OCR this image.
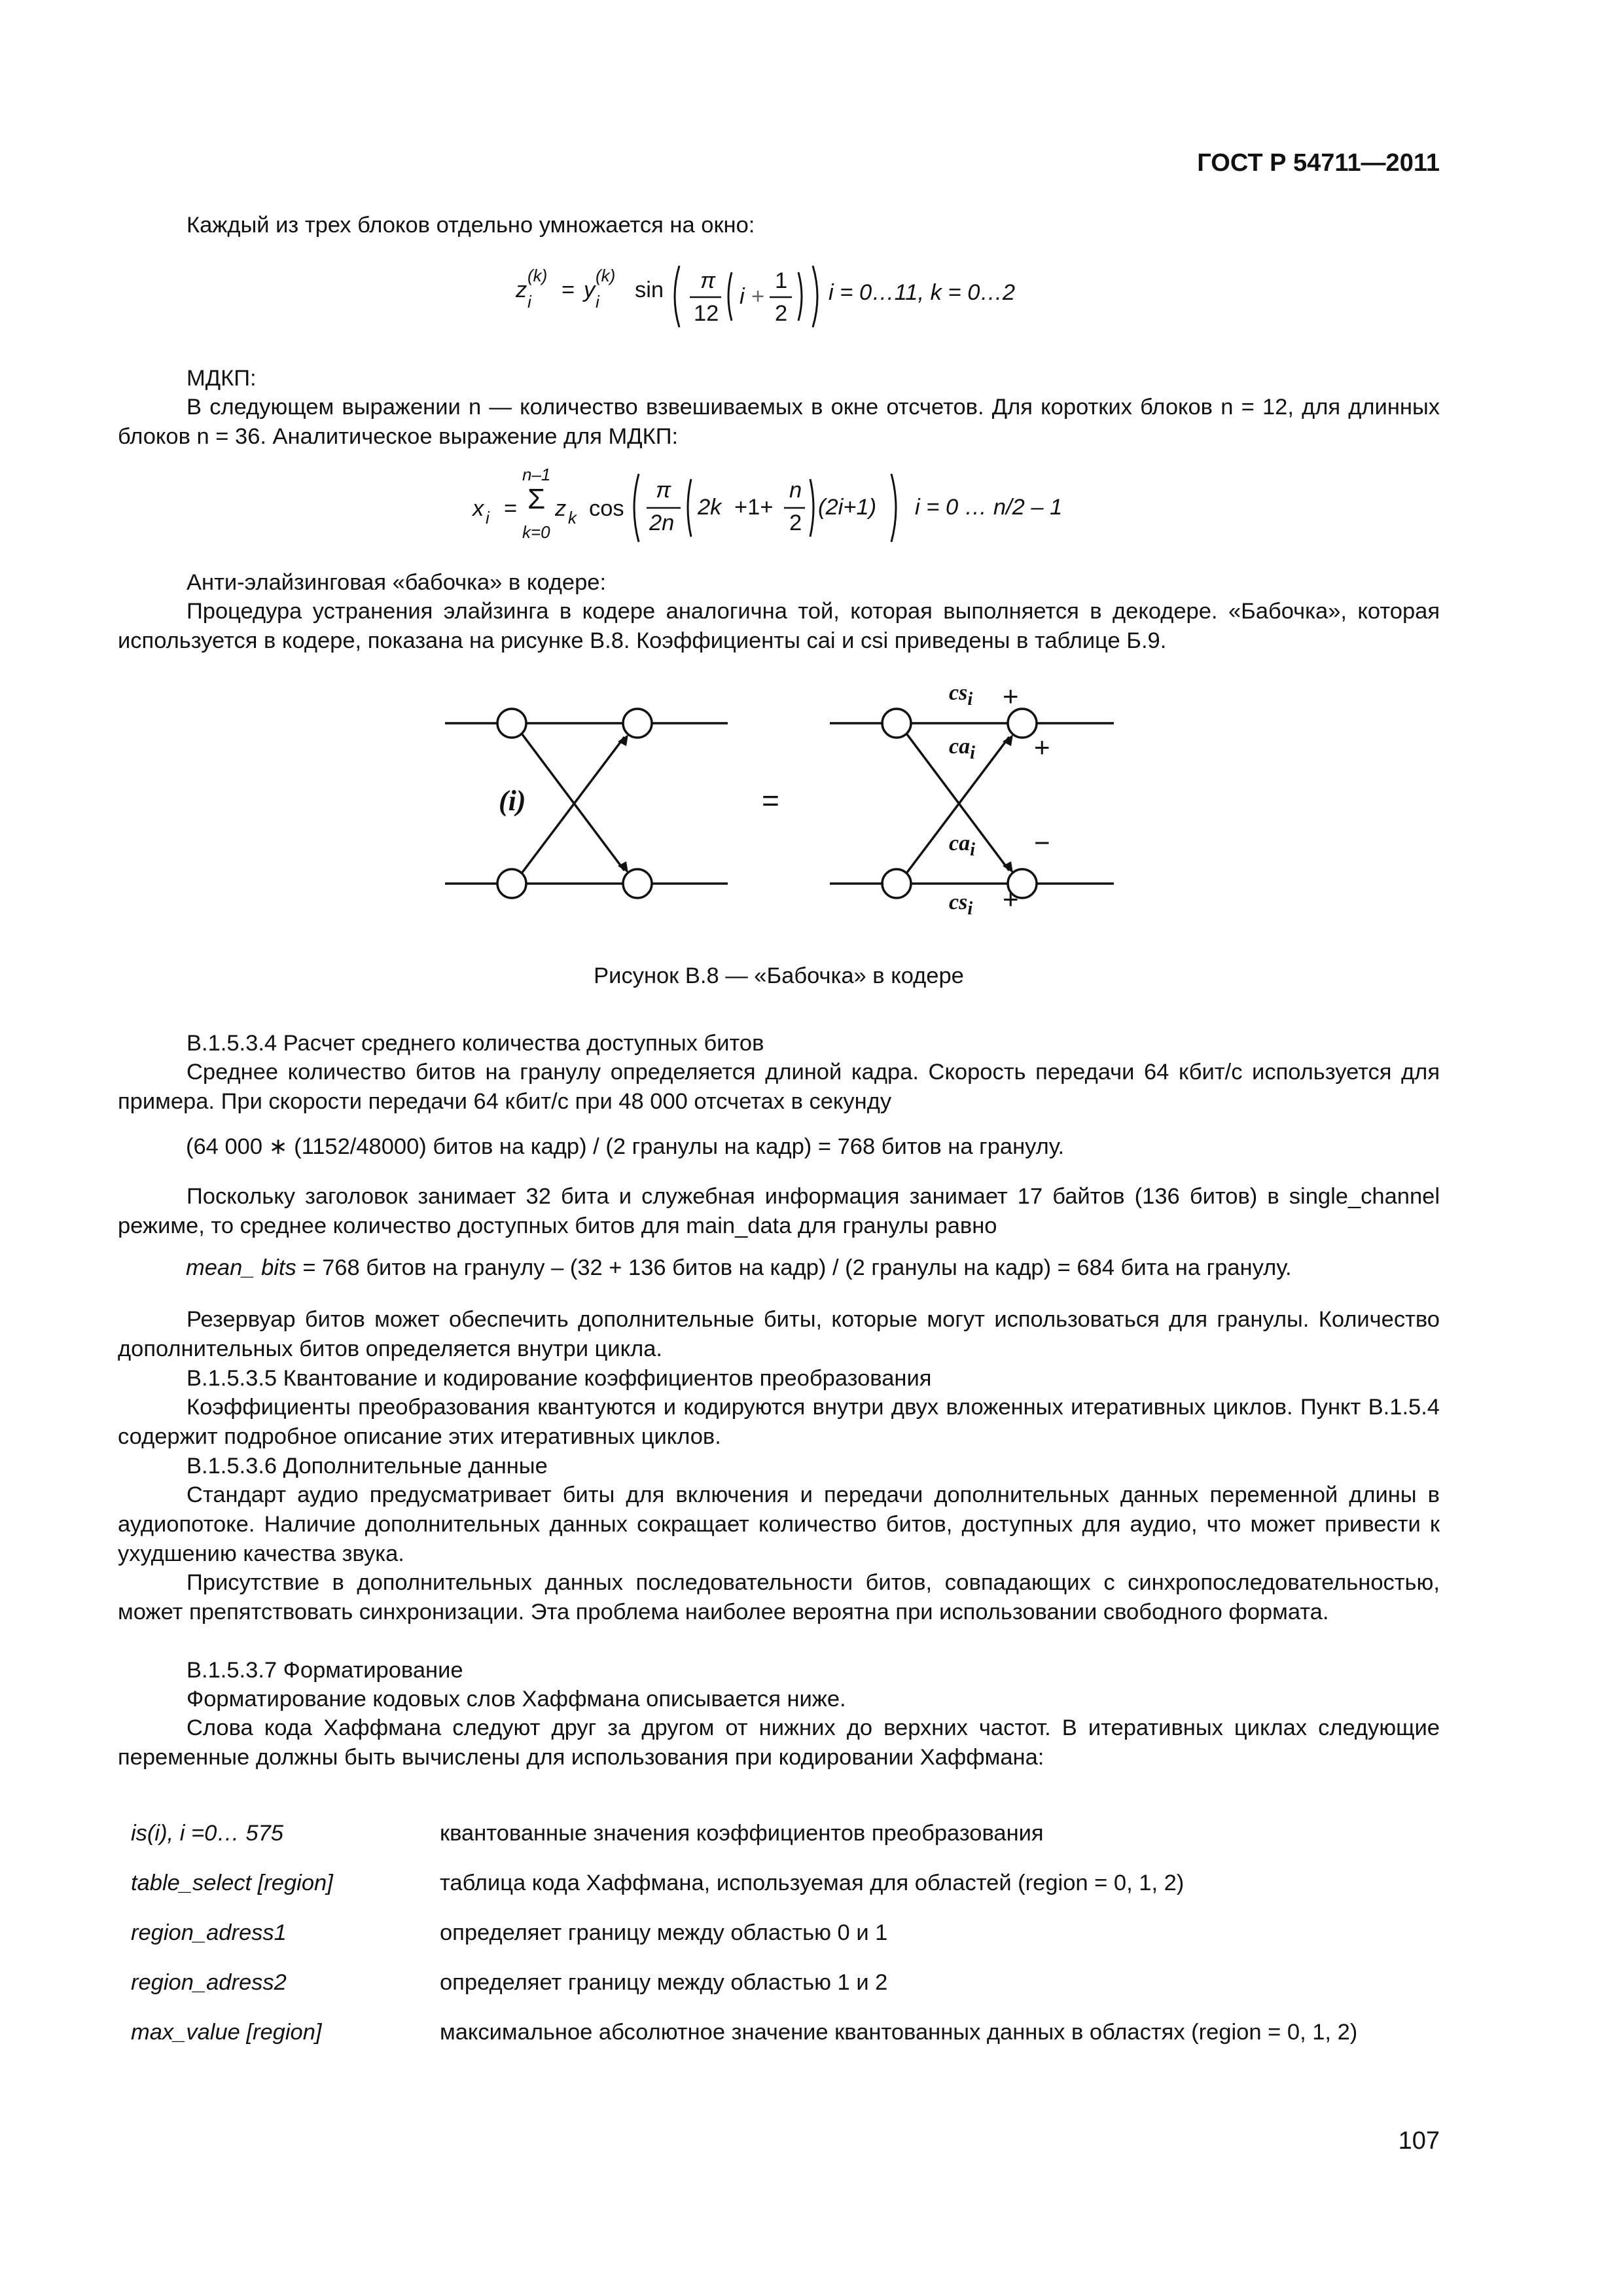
ГОСТ Р 54711—2011

Каждый из трех блоков отдельно умножается на окно:

z
(k)
i = y
(k)
i sin π
12
i +
1
2
i = 0…11, k = 0…2

МДКП:

В следующем выражении n — количество взвешиваемых в окне отсчетов. Для коротких блоков n = 12, для длинных блоков n = 36. Аналитическое выражение для МДКП:

x i =
n–1
Σ
k=0
z k cos
π
2n
2k +1+
n
2
(2i+1) i = 0 … n/2 – 1

Анти-элайзинговая «бабочка» в кодере:

Процедура устранения элайзинга в кодере аналогична той, которая выполняется в декодере. «Бабочка», которая используется в кодере, показана на рисунке В.8. Коэффициенты cai и csi приведены в таблице Б.9.

(i)	=
$cs_i$ +
$ca_i$ +
$ca_i$ −
$cs_i$ +
Рисунок В.8 — «Бабочка» в кодере

В.1.5.3.4 Расчет среднего количества доступных битов

Среднее количество битов на гранулу определяется длиной кадра. Скорость передачи 64 кбит/с используется для примера. При скорости передачи 64 кбит/с при 48 000 отсчетах в секунду

(64 000 ∗ (1152/48000) битов на кадр) / (2 гранулы на кадр) = 768 битов на гранулу.

Поскольку заголовок занимает 32 бита и служебная информация занимает 17 байтов (136 битов) в single_channel режиме, то среднее количество доступных битов для main_data для гранулы равно

mean_ bits = 768 битов на гранулу – (32 + 136 битов на кадр) / (2 гранулы на кадр) = 684 бита на гранулу.

Резервуар битов может обеспечить дополнительные биты, которые могут использоваться для гранулы. Количество дополнительных битов определяется внутри цикла.

В.1.5.3.5 Квантование и кодирование коэффициентов преобразования

Коэффициенты преобразования квантуются и кодируются внутри двух вложенных итеративных циклов. Пункт В.1.5.4 содержит подробное описание этих итеративных циклов.

В.1.5.3.6 Дополнительные данные

Стандарт аудио предусматривает биты для включения и передачи дополнительных данных переменной длины в аудиопотоке. Наличие дополнительных данных сокращает количество битов, доступных для аудио, что может привести к ухудшению качества звука.

Присутствие в дополнительных данных последовательности битов, совпадающих с синхропоследовательностью, может препятствовать синхронизации. Эта проблема наиболее вероятна при использовании свободного формата.

В.1.5.3.7 Форматирование

Форматирование кодовых слов Хаффмана описывается ниже.

Слова кода Хаффмана следуют друг за другом от нижних до верхних частот. В итеративных циклах следующие переменные должны быть вычислены для использования при кодировании Хаффмана:

is(i), i =0… 575	квантованные значения коэффициентов преобразования
table_select [region]	таблица кода Хаффмана, используемая для областей (region = 0, 1, 2)
region_adress1	определяет границу между областью 0 и 1
region_adress2	определяет границу между областью 1 и 2
max_value [region]	максимальное абсолютное значение квантованных данных в областях (region = 0, 1, 2)
107
